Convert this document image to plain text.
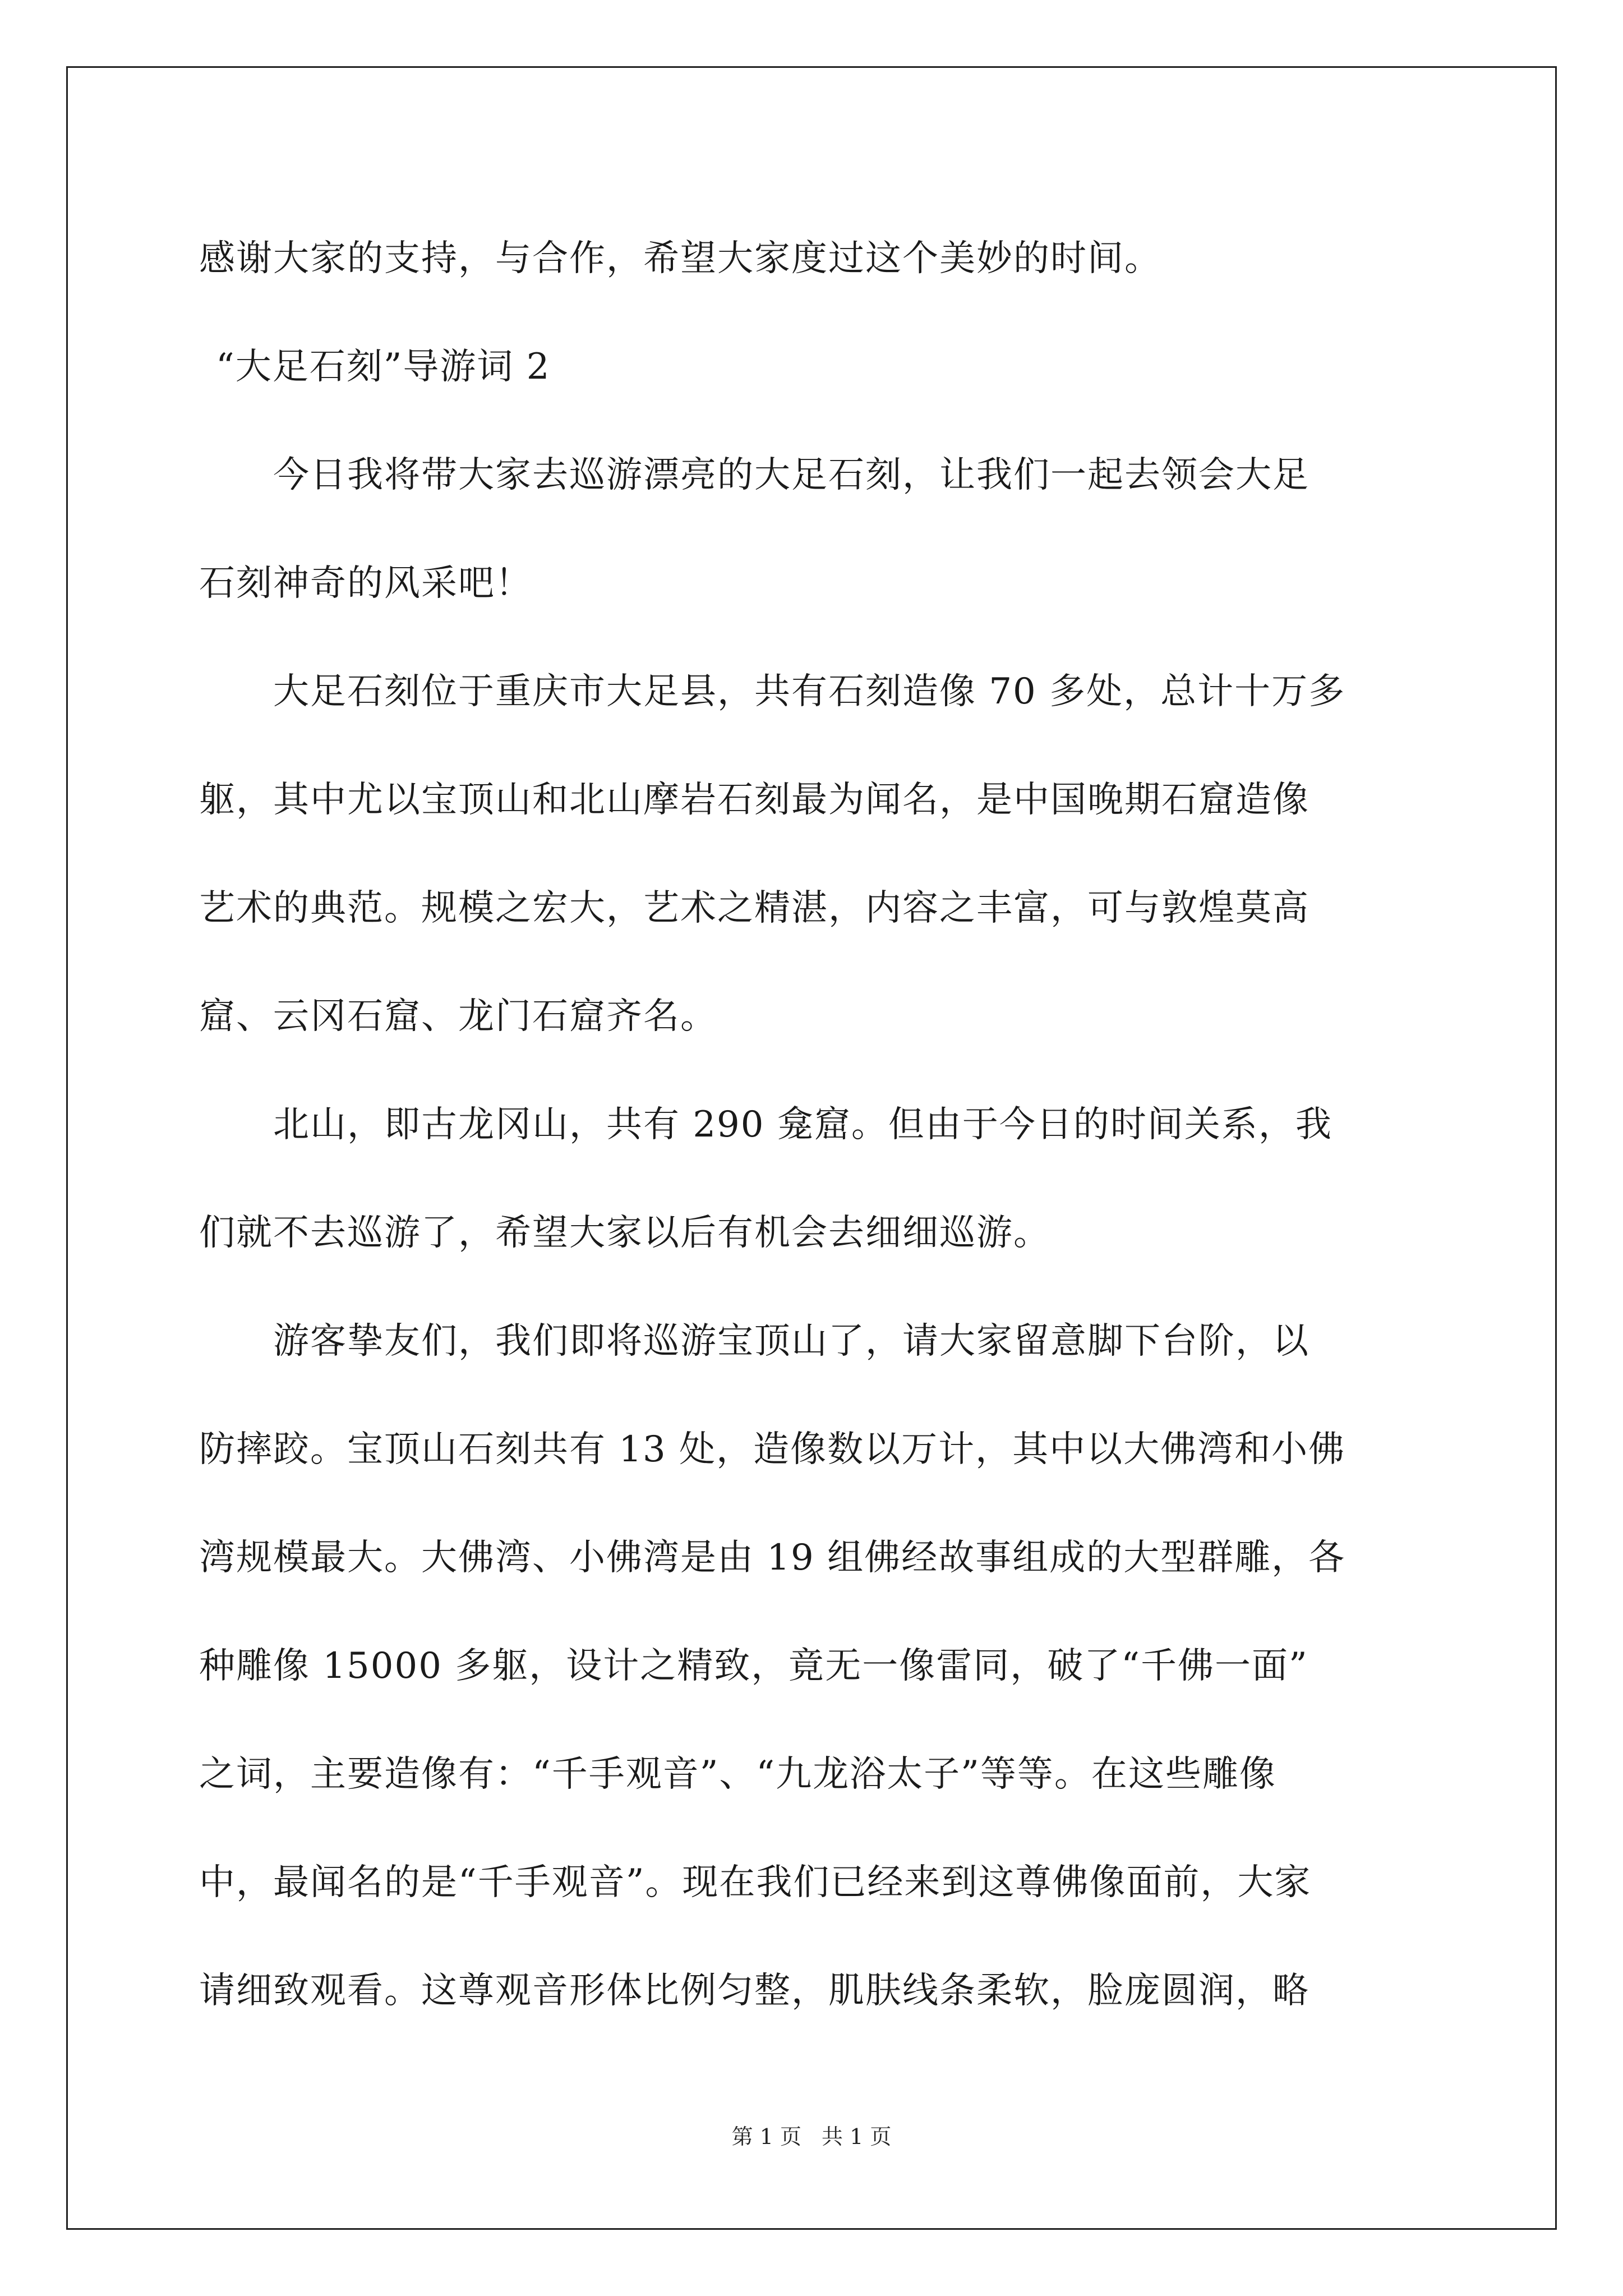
感谢大家的支持，与合作，希望大家度过这个美妙的时间。
“大足石刻”导游词 2
　　今日我将带大家去巡游漂亮的大足石刻，让我们一起去领会大足
石刻神奇的风采吧！
　　大足石刻位于重庆市大足县，共有石刻造像 70 多处，总计十万多
躯，其中尤以宝顶山和北山摩岩石刻最为闻名，是中国晚期石窟造像
艺术的典范。规模之宏大，艺术之精湛，内容之丰富，可与敦煌莫高
窟、云冈石窟、龙门石窟齐名。
　　北山，即古龙冈山，共有 290 龛窟。但由于今日的时间关系，我
们就不去巡游了，希望大家以后有机会去细细巡游。
　　游客挚友们，我们即将巡游宝顶山了，请大家留意脚下台阶，以
防摔跤。宝顶山石刻共有 13 处，造像数以万计，其中以大佛湾和小佛
湾规模最大。大佛湾、小佛湾是由 19 组佛经故事组成的大型群雕，各
种雕像 15000 多躯，设计之精致，竟无一像雷同，破了“千佛一面”
之词，主要造像有：“千手观音”、“九龙浴太子”等等。在这些雕像
中，最闻名的是“千手观音”。现在我们已经来到这尊佛像面前，大家
请细致观看。这尊观音形体比例匀整，肌肤线条柔软，脸庞圆润，略
第 1 页 共 1 页
